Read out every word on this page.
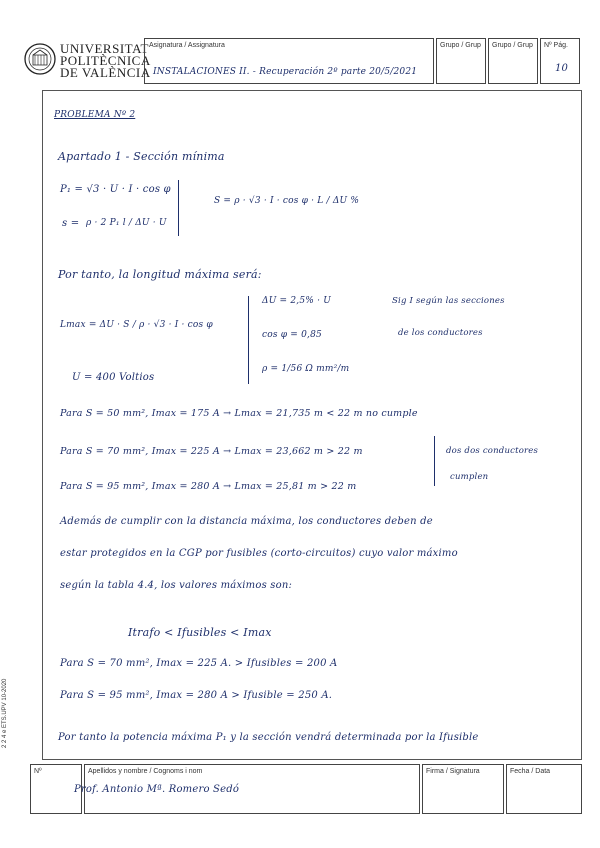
UNIVERSITAT
POLITÈCNICA
DE VALÈNCIA
Asignatura / Assignatura
INSTALACIONES II. - Recuperación 2º parte 20/5/2021
Grupo / Grup Grupo / Grup Nº Pág.
10
2 2 4 e ETS.UPV 10-2020
PROBLEMA Nº 2
Apartado 1 - Sección mínima
P₁ = √3 · U · I · cos φ
s = ρ · 2 P₁ l / ΔU · U
S = ρ · √3 · I · cos φ · L / ΔU %
Por tanto, la longitud máxima será:
Lmax = ΔU · S / ρ · √3 · I · cos φ
ΔU = 2,5% · U
cos φ = 0,85
ρ = 1/56 Ω mm²/m
Sig I según las secciones
de los conductores
U = 400 Voltios
Para S = 50 mm², Imax = 175 A → Lmax = 21,735 m < 22 m no cumple
Para S = 70 mm², Imax = 225 A → Lmax = 23,662 m > 22 m
Para S = 95 mm², Imax = 280 A → Lmax = 25,81 m > 22 m
dos dos conductores
cumplen
Además de cumplir con la distancia máxima, los conductores deben de
estar protegidos en la CGP por fusibles (corto-circuitos) cuyo valor máximo
según la tabla 4.4, los valores máximos son:
Itrafo < Ifusibles < Imax
Para S = 70 mm², Imax = 225 A. > Ifusibles = 200 A
Para S = 95 mm², Imax = 280 A > Ifusible = 250 A.
Por tanto la potencia máxima P₁ y la sección vendrá determinada por la Ifusible
Nº	Apellidos y nombre / Cognoms i nom
Prof. Antonio Mª. Romero Sedó
Firma / Signatura	Fecha / Data
